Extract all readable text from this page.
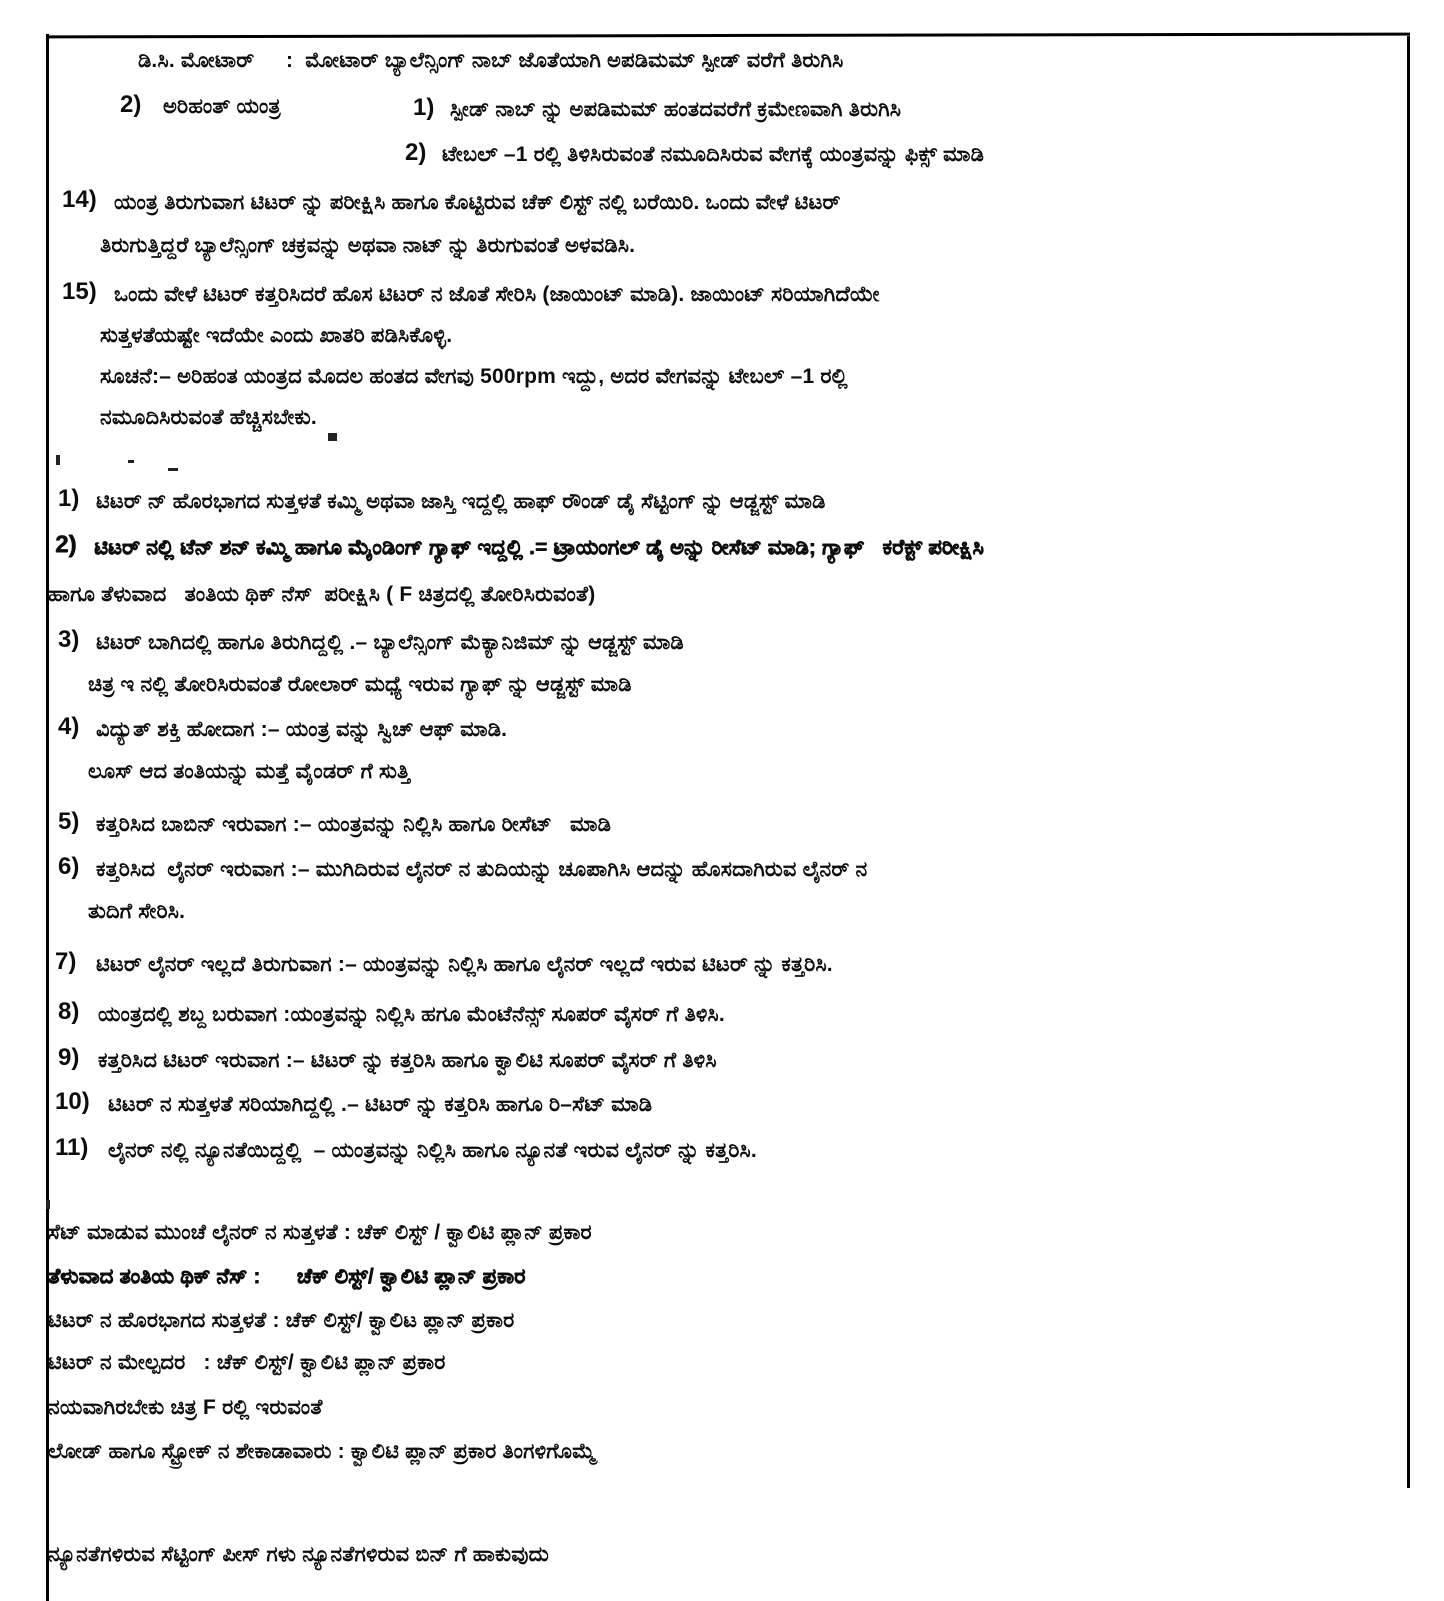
ಡಿ.ಸಿ. ಮೋಟಾರ್ :  ಮೋಟಾರ್ ಬ್ಯಾಲೆನ್ಸಿಂಗ್ ನಾಬ್ ಜೊತೆಯಾಗಿ ಅಪಡಿಮಮ್ ಸ್ಪೀಡ್ ವರೆಗೆ ತಿರುಗಿಸಿ
2) ಅರಿಹಂತ್ ಯಂತ್ರ	1) ಸ್ಪೀಡ್ ನಾಬ್ ನ್ನು ಅಪಡಿಮಮ್ ಹಂತದವರೆಗೆ ಕ್ರಮೇಣವಾಗಿ ತಿರುಗಿಸಿ
2) ಟೇಬಲ್ –1 ರಲ್ಲಿ ತಿಳಿಸಿರುವಂತೆ ನಮೂದಿಸಿರುವ ವೇಗಕ್ಕೆ ಯಂತ್ರವನ್ನು ಫಿಕ್ಸ್ ಮಾಡಿ
14) ಯಂತ್ರ ತಿರುಗುವಾಗ ಟಿಟರ್ ನ್ನು ಪರೀಕ್ಷಿಸಿ ಹಾಗೂ ಕೊಟ್ಟಿರುವ ಚೆಕ್ ಲಿಸ್ಟ್ ನಲ್ಲಿ ಬರೆಯಿರಿ. ಒಂದು ವೇಳೆ ಟಿಟರ್
ತಿರುಗುತ್ತಿದ್ದರೆ ಬ್ಯಾಲೆನ್ಸಿಂಗ್ ಚಕ್ರವನ್ನು ಅಥವಾ ನಾಟ್ ನ್ನು ತಿರುಗುವಂತೆ ಅಳವಡಿಸಿ.
15) ಒಂದು ವೇಳೆ ಟಿಟರ್ ಕತ್ತರಿಸಿದರೆ ಹೊಸ ಟಿಟರ್ ನ ಜೊತೆ ಸೇರಿಸಿ (ಜಾಯಿಂಟ್ ಮಾಡಿ). ಜಾಯಿಂಟ್ ಸರಿಯಾಗಿದೆಯೇ
ಸುತ್ತಳತೆಯಷ್ಟೇ ಇದೆಯೇ ಎಂದು ಖಾತರಿ ಪಡಿಸಿಕೊಳ್ಳಿ.
ಸೂಚನೆ:– ಅರಿಹಂತ ಯಂತ್ರದ ಮೊದಲ ಹಂತದ ವೇಗವು 500rpm ಇದ್ದು, ಅದರ ವೇಗವನ್ನು ಟೇಬಲ್ –1 ರಲ್ಲಿ
ನಮೂದಿಸಿರುವಂತೆ ಹೆಚ್ಚಿಸಬೇಕು.
1) ಟಿಟರ್ ನ್ ಹೊರಭಾಗದ ಸುತ್ತಳತೆ ಕಮ್ಮಿ ಅಥವಾ ಜಾಸ್ತಿ ಇದ್ದಲ್ಲಿ ಹಾಫ್ ರೌಂಡ್ ಡೈ ಸೆಟ್ಟಿಂಗ್ ನ್ನು ಆಡ್ಜಸ್ಟ್ ಮಾಡಿ
2) ಟಿಟರ್ ನಲ್ಲಿ ಟೆನ್ ಶನ್ ಕಮ್ಮಿ ಹಾಗೂ ಮೈಂಡಿಂಗ್ ಗ್ಯಾಫ್ ಇದ್ದಲ್ಲಿ .= ಟ್ರಾಯಂಗಲ್ ಡೈ ಅನ್ನು ರೀಸೆಟ್ ಮಾಡಿ; ಗ್ಯಾಫ್   ಕರೆಕ್ಟ್ ಪರೀಕ್ಷಿಸಿ
ಹಾಗೂ ತೆಳುವಾದ   ತಂತಿಯ ಥಿಕ್ ನೆಸ್  ಪರೀಕ್ಷಿಸಿ ( F ಚಿತ್ರದಲ್ಲಿ ತೋರಿಸಿರುವಂತೆ)
3) ಟಿಟರ್ ಬಾಗಿದಲ್ಲಿ ಹಾಗೂ ತಿರುಗಿದ್ದಲ್ಲಿ .– ಬ್ಯಾಲೆನ್ಸಿಂಗ್ ಮೆಕ್ಯಾನಿಜಿಮ್ ನ್ನು ಆಡ್ಜಸ್ಟ್ ಮಾಡಿ
ಚಿತ್ರ ಇ ನಲ್ಲಿ ತೋರಿಸಿರುವಂತೆ ರೋಲಾರ್ ಮಧ್ಯೆ ಇರುವ ಗ್ಯಾಫ್ ನ್ನು ಆಡ್ಜಸ್ಟ್ ಮಾಡಿ
4) ವಿದ್ಯುತ್ ಶಕ್ತಿ ಹೋದಾಗ :– ಯಂತ್ರ ವನ್ನು ಸ್ವಿಚ್ ಆಫ್ ಮಾಡಿ.
ಲೂಸ್ ಆದ ತಂತಿಯನ್ನು ಮತ್ತೆ ವೈಂಡರ್ ಗೆ ಸುತ್ತಿ
5) ಕತ್ತರಿಸಿದ ಬಾಬಿನ್ ಇರುವಾಗ :– ಯಂತ್ರವನ್ನು ನಿಲ್ಲಿಸಿ ಹಾಗೂ ರೀಸೆಟ್   ಮಾಡಿ
6) ಕತ್ತರಿಸಿದ  ಲೈನರ್ ಇರುವಾಗ :– ಮುಗಿದಿರುವ ಲೈನರ್ ನ ತುದಿಯನ್ನು ಚೂಪಾಗಿಸಿ ಆದನ್ನು ಹೊಸದಾಗಿರುವ ಲೈನರ್ ನ
ತುದಿಗೆ ಸೇರಿಸಿ.
7) ಟಿಟರ್ ಲೈನರ್ ಇಲ್ಲದೆ ತಿರುಗುವಾಗ :– ಯಂತ್ರವನ್ನು ನಿಲ್ಲಿಸಿ ಹಾಗೂ ಲೈನರ್ ಇಲ್ಲದೆ ಇರುವ ಟಿಟರ್ ನ್ನು ಕತ್ತರಿಸಿ.
8) ಯಂತ್ರದಲ್ಲಿ ಶಬ್ದ ಬರುವಾಗ :ಯಂತ್ರವನ್ನು ನಿಲ್ಲಿಸಿ ಹಗೂ ಮೆಂಟೆನೆನ್ಸ್ ಸೂಪರ್ ವೈಸರ್ ಗೆ ತಿಳಿಸಿ.
9) ಕತ್ತರಿಸಿದ ಟಿಟರ್ ಇರುವಾಗ :– ಟಿಟರ್ ನ್ನು ಕತ್ತರಿಸಿ ಹಾಗೂ ಕ್ವಾಲಿಟಿ ಸೂಪರ್ ವೈಸರ್ ಗೆ ತಿಳಿಸಿ
10) ಟಿಟರ್ ನ ಸುತ್ತಳತೆ ಸರಿಯಾಗಿದ್ದಲ್ಲಿ .– ಟಿಟರ್ ನ್ನು ಕತ್ತರಿಸಿ ಹಾಗೂ ರಿ–ಸೆಟ್ ಮಾಡಿ
11) ಲೈನರ್ ನಲ್ಲಿ ನ್ಯೂನತೆಯಿದ್ದಲ್ಲಿ  – ಯಂತ್ರವನ್ನು ನಿಲ್ಲಿಸಿ ಹಾಗೂ ನ್ಯೂನತೆ ಇರುವ ಲೈನರ್ ನ್ನು ಕತ್ತರಿಸಿ.
ಸೆಟ್ ಮಾಡುವ ಮುಂಚೆ ಲೈನರ್ ನ ಸುತ್ತಳತೆ : ಚೆಕ್ ಲಿಸ್ಟ್ / ಕ್ವಾಲಿಟಿ ಪ್ಲಾನ್ ಪ್ರಕಾರ
ತೆಳುವಾದ ತಂತಿಯ ಥಿಕ್ ನೆಸ್ :      ಚೆಕ್ ಲಿಸ್ಟ್/ ಕ್ವಾಲಿಟಿ ಪ್ಲಾನ್ ಪ್ರಕಾರ
ಟಿಟರ್ ನ ಹೊರಭಾಗದ ಸುತ್ತಳತೆ : ಚೆಕ್ ಲಿಸ್ಟ್/ ಕ್ವಾಲಿಟ ಪ್ಲಾನ್ ಪ್ರಕಾರ
ಟಿಟರ್ ನ ಮೇಲ್ಪದರ   : ಚೆಕ್ ಲಿಸ್ಟ್/ ಕ್ವಾಲಿಟಿ ಪ್ಲಾನ್ ಪ್ರಕಾರ
ನಯವಾಗಿರಬೇಕು ಚಿತ್ರ F ರಲ್ಲಿ ಇರುವಂತೆ
ಲೋಡ್ ಹಾಗೂ ಸ್ಟ್ರೋಕ್ ನ ಶೇಕಾಡಾವಾರು : ಕ್ವಾಲಿಟಿ ಪ್ಲಾನ್ ಪ್ರಕಾರ ತಿಂಗಳಿಗೊಮ್ಮೆ
ನ್ಯೂನತೆಗಳಿರುವ ಸೆಟ್ಟಿಂಗ್ ಪೀಸ್ ಗಳು ನ್ಯೂನತೆಗಳಿರುವ ಬಿನ್ ಗೆ ಹಾಕುವುದು
